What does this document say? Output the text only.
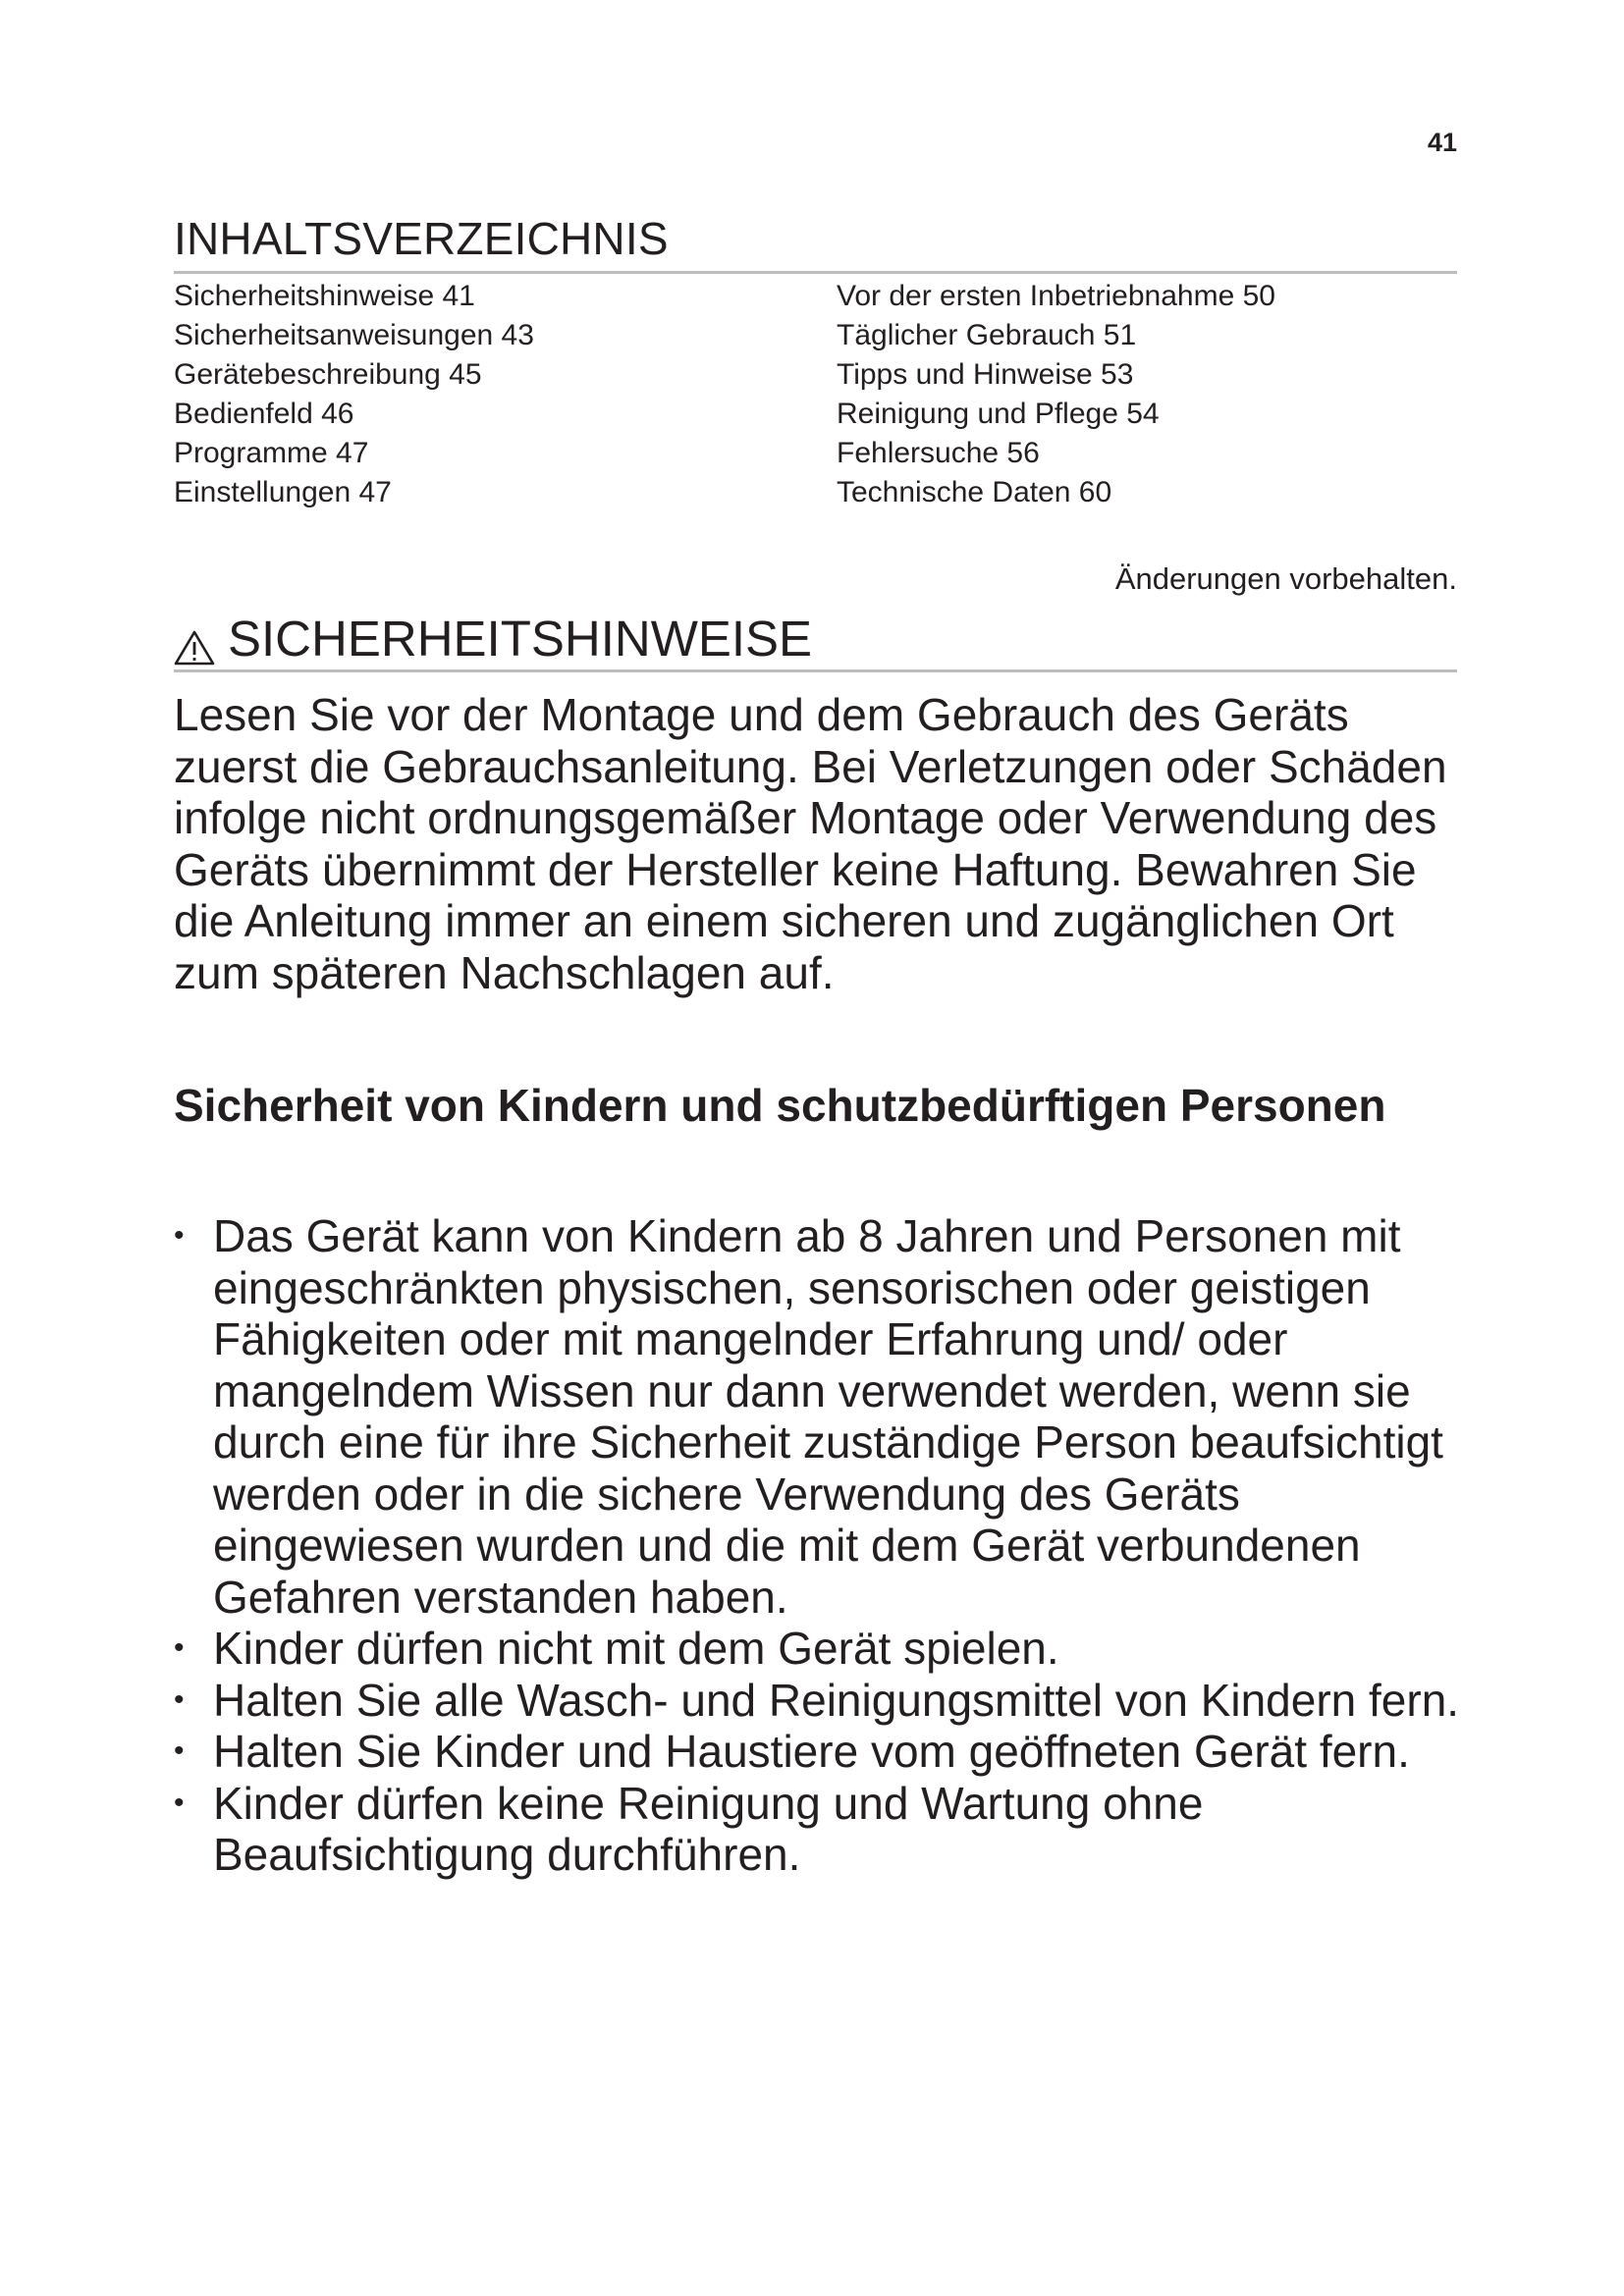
41
INHALTSVERZEICHNIS
Sicherheitshinweise 41
Sicherheitsanweisungen 43
Gerätebeschreibung 45
Bedienfeld 46
Programme 47
Einstellungen 47
Vor der ersten Inbetriebnahme 50
Täglicher Gebrauch 51
Tipps und Hinweise 53
Reinigung und Pflege 54
Fehlersuche 56
Technische Daten 60
Änderungen vorbehalten.
SICHERHEITSHINWEISE

Lesen Sie vor der Montage und dem Gebrauch des Geräts zuerst die Gebrauchsanleitung. Bei Verletzungen oder Schäden infolge nicht ordnungsgemäßer Montage oder Verwendung des Geräts übernimmt der Hersteller keine Haftung. Bewahren Sie die Anleitung immer an einem sicheren und zugänglichen Ort zum späteren Nachschlagen auf.

Sicherheit von Kindern und schutzbedürftigen Personen
• Das Gerät kann von Kindern ab 8 Jahren und Personen mit eingeschränkten physischen, sensorischen oder geistigen Fähigkeiten oder mit mangelnder Erfahrung und/ oder mangelndem Wissen nur dann verwendet werden, wenn sie durch eine für ihre Sicherheit zuständige Person beaufsichtigt werden oder in die sichere Verwendung des Geräts eingewiesen wurden und die mit dem Gerät verbundenen Gefahren verstanden haben.
• Kinder dürfen nicht mit dem Gerät spielen.
• Halten Sie alle Wasch- und Reinigungsmittel von Kindern fern.
• Halten Sie Kinder und Haustiere vom geöffneten Gerät fern.
• Kinder dürfen keine Reinigung und Wartung ohne Beaufsichtigung durchführen.
